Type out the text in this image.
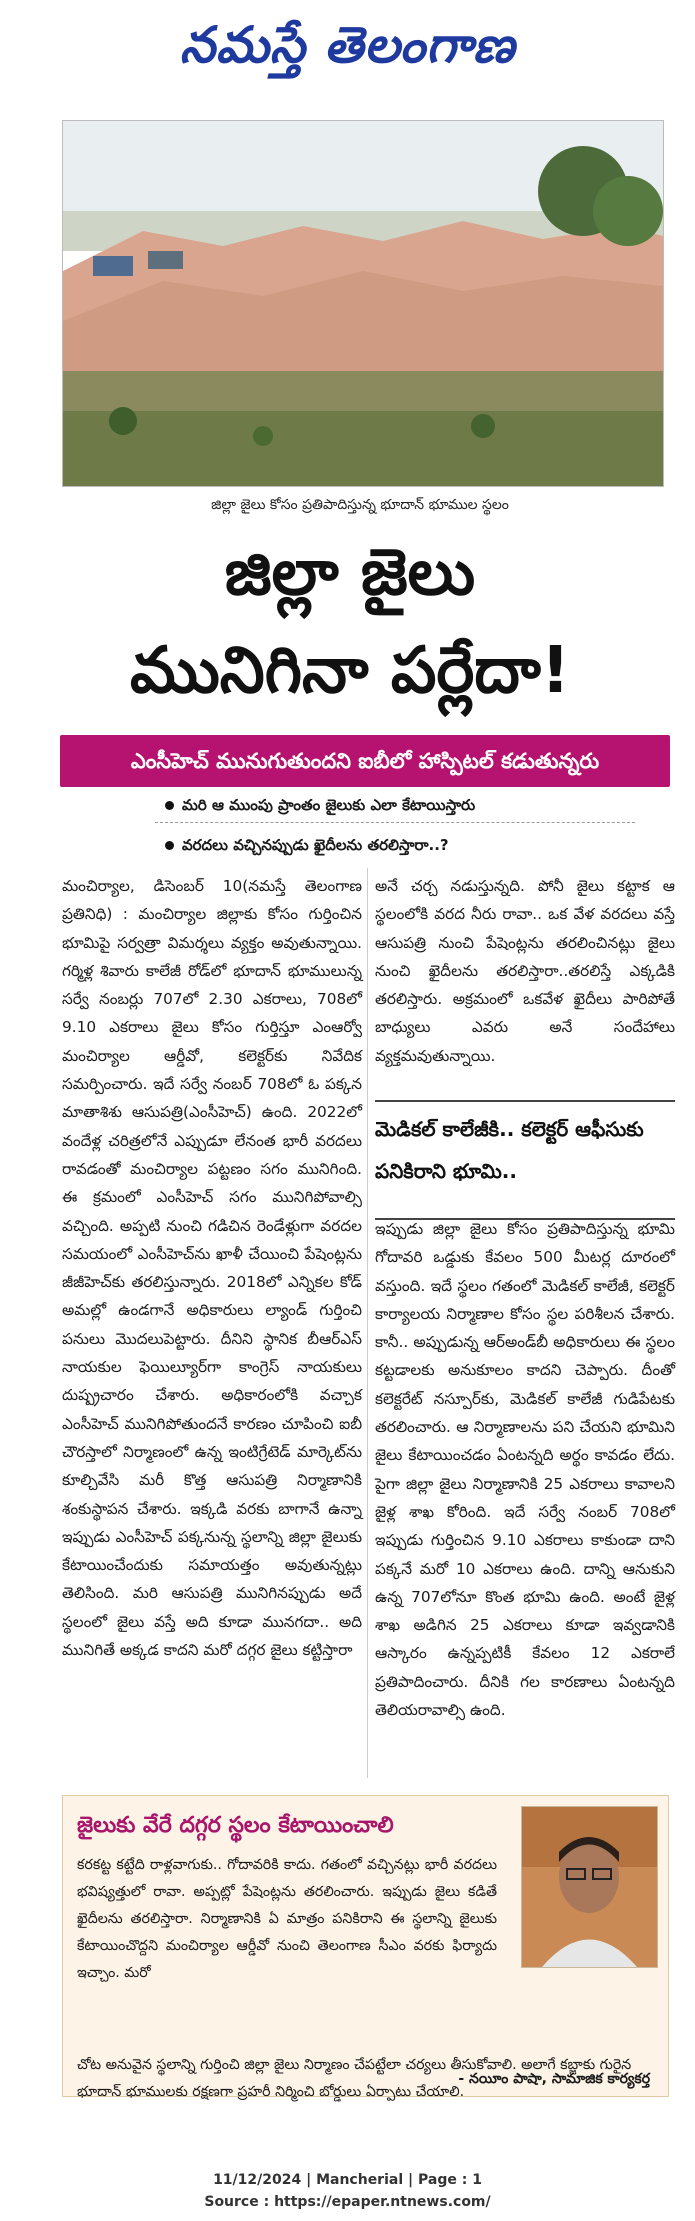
నమస్తే తెలంగాణ
జిల్లా జైలు కోసం ప్రతిపాదిస్తున్న భూదాన్ భూముల స్థలం
జిల్లా జైలు
మునిగినా పర్లేదా!
ఎంసీహెచ్ మునుగుతుందని ఐబీలో హాస్పిటల్ కడుతున్నరు
మరి ఆ ముంపు ప్రాంతం జైలుకు ఎలా కేటాయిస్తారు
వరదలు వచ్చినప్పుడు ఖైదీలను తరలిస్తారా..?
మంచిర్యాల, డిసెంబర్ 10(నమస్తే తెలంగాణ ప్రతినిధి) : మంచిర్యాల జిల్లాకు కోసం గుర్తించిన భూమిపై సర్వత్రా విమర్శలు వ్యక్తం అవుతున్నాయి. గర్మిళ్ల శివారు కాలేజీ రోడ్‌లో భూదాన్ భూములున్న సర్వే నంబర్లు 707లో 2.30 ఎకరాలు, 708లో 9.10 ఎకరాలు జైలు కోసం గుర్తిస్తూ ఎంఆర్వో మంచిర్యాల ఆర్డీవో, కలెక్టర్‌కు నివేదిక సమర్పించారు. ఇదే సర్వే నంబర్ 708లో ఓ పక్కన మాతాశిశు ఆసుపత్రి(ఎంసీహెచ్) ఉంది. 2022లో వందేళ్ల చరిత్రలోనే ఎప్పుడూ లేనంత భారీ వరదలు రావడంతో మంచిర్యాల పట్టణం సగం మునిగింది. ఈ క్రమంలో ఎంసీహెచ్ సగం మునిగిపోవాల్సి వచ్చింది. అప్పటి నుంచి గడిచిన రెండేళ్లుగా వరదల సమయంలో ఎంసీహెచ్‌ను ఖాళీ చేయించి పేషెంట్లను జీజీహెచ్‌కు తరలిస్తున్నారు. 2018లో ఎన్నికల కోడ్ అమల్లో ఉండగానే అధికారులు ల్యాండ్ గుర్తించి పనులు మొదలుపెట్టారు. దీనిని స్థానిక బీఆర్ఎస్ నాయకుల ఫెయిల్యూర్‌గా కాంగ్రెస్ నాయకులు దుష్ప్రచారం చేశారు. అధికారంలోకి వచ్చాక ఎంసీహెచ్ మునిగిపోతుందనే కారణం చూపించి ఐబీ చౌరస్తాలో నిర్మాణంలో ఉన్న ఇంటిగ్రేటెడ్ మార్కెట్‌ను కూల్చివేసి మరీ కొత్త ఆసుపత్రి నిర్మాణానికి శంకుస్థాపన చేశారు. ఇక్కడి వరకు బాగానే ఉన్నా ఇప్పుడు ఎంసీహెచ్ పక్కనున్న స్థలాన్ని జిల్లా జైలుకు కేటాయించేందుకు సమాయత్తం అవుతున్నట్లు తెలిసింది. మరి ఆసుపత్రి మునిగినప్పుడు అదే స్థలంలో జైలు వస్తే అది కూడా మునగదా.. అది మునిగితే అక్కడ కాదని మరో దగ్గర జైలు కట్టిస్తారా
అనే చర్చ నడుస్తున్నది. పోనీ జైలు కట్టాక ఆ స్థలంలోకి వరద నీరు రావా.. ఒక వేళ వరదలు వస్తే ఆసుపత్రి నుంచి పేషెంట్లను తరలించినట్లు జైలు నుంచి ఖైదీలను తరలిస్తారా..తరలిస్తే ఎక్కడికి తరలిస్తారు. అక్రమంలో ఒకవేళ ఖైదీలు పారిపోతే బాధ్యులు ఎవరు అనే సందేహాలు వ్యక్తమవుతున్నాయి.
మెడికల్ కాలేజీకి.. కలెక్టర్ ఆఫీసుకు పనికిరాని భూమి..
ఇప్పుడు జిల్లా జైలు కోసం ప్రతిపాదిస్తున్న భూమి గోదావరి ఒడ్డుకు కేవలం 500 మీటర్ల దూరంలో వస్తుంది. ఇదే స్థలం గతంలో మెడికల్ కాలేజీ, కలెక్టర్ కార్యాలయ నిర్మాణాల కోసం స్థల పరిశీలన చేశారు. కానీ.. అప్పుడున్న ఆర్అండ్‌బీ అధికారులు ఈ స్థలం కట్టడాలకు అనుకూలం కాదని చెప్పారు. దీంతో కలెక్టరేట్ నస్పూర్‌కు, మెడికల్ కాలేజీ గుడిపేటకు తరలించారు. ఆ నిర్మాణాలను పని చేయని భూమిని జైలు కేటాయించడం ఏంటన్నది అర్థం కావడం లేదు. పైగా జిల్లా జైలు నిర్మాణానికి 25 ఎకరాలు కావాలని జైళ్ల శాఖ కోరింది. ఇదే సర్వే నంబర్ 708లో ఇప్పుడు గుర్తించిన 9.10 ఎకరాలు కాకుండా దాని పక్కనే మరో 10 ఎకరాలు ఉంది. దాన్ని ఆనుకుని ఉన్న 707లోనూ కొంత భూమి ఉంది. అంటే జైళ్ల శాఖ అడిగిన 25 ఎకరాలు కూడా ఇవ్వడానికి ఆస్కారం ఉన్నప్పటికీ కేవలం 12 ఎకరాలే ప్రతిపాదించారు. దీనికి గల కారణాలు ఏంటన్నది తెలియరావాల్సి ఉంది.
జైలుకు వేరే దగ్గర స్థలం కేటాయించాలి
కరకట్ట కట్టేది రాళ్లవాగుకు.. గోదావరికి కాదు. గతంలో వచ్చినట్లు భారీ వరదలు భవిష్యత్తులో రావా. అప్పట్లో పేషెంట్లను తరలించారు. ఇప్పుడు జైలు కడితే ఖైదీలను తరలిస్తారా. నిర్మాణానికి ఏ మాత్రం పనికిరాని ఈ స్థలాన్ని జైలుకు కేటాయించొద్దని మంచిర్యాల ఆర్డీవో నుంచి తెలంగాణ సీఎం వరకు ఫిర్యాదు ఇచ్చాం. మరో
చోట అనువైన స్థలాన్ని గుర్తించి జిల్లా జైలు నిర్మాణం చేపట్టేలా చర్యలు తీసుకోవాలి. అలాగే కబ్జాకు గురైన భూదాన్ భూములకు రక్షణగా ప్రహరీ నిర్మించి బోర్డులు ఏర్పాటు చేయాలి.
- నయీం పాషా, సామాజిక కార్యకర్త
11/12/2024 | Mancherial | Page : 1
Source : https://epaper.ntnews.com/
